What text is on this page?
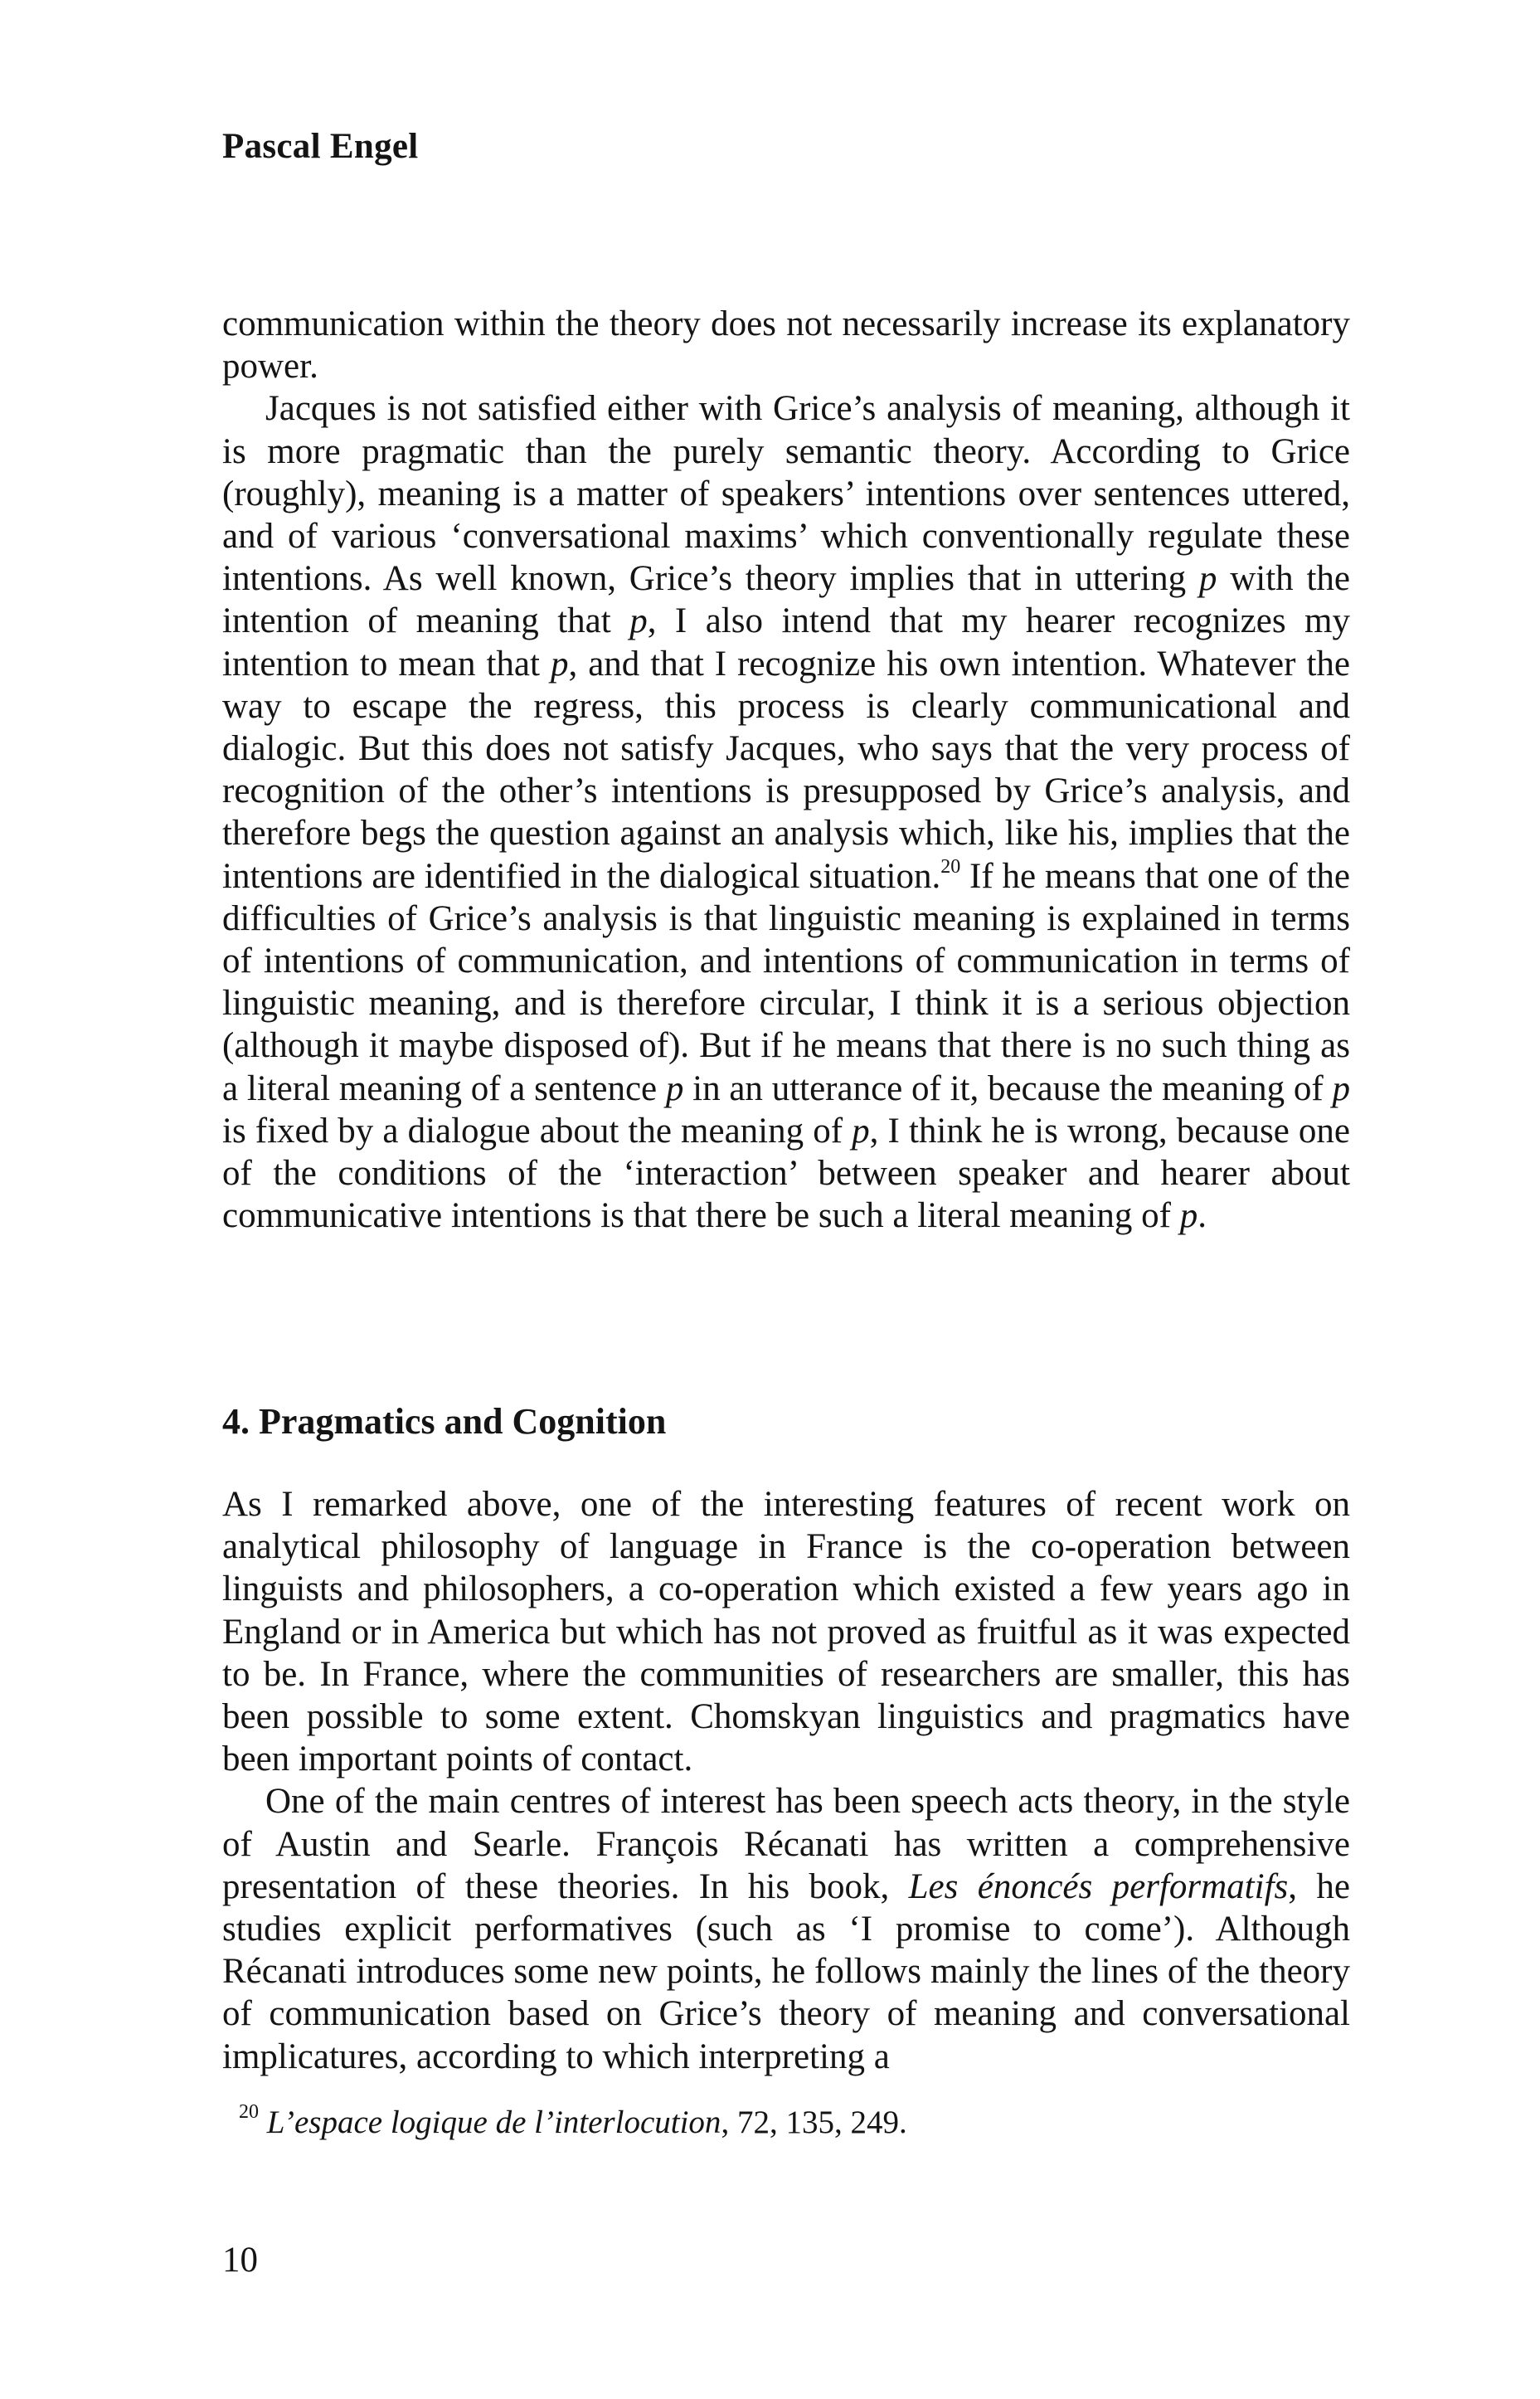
Pascal Engel

communication within the theory does not necessarily increase its explanatory power.

Jacques is not satisfied either with Grice’s analysis of meaning, although it is more pragmatic than the purely semantic theory. According to Grice (roughly), meaning is a matter of speakers’ intentions over sentences uttered, and of various ‘conversational maxims’ which conventionally regulate these intentions. As well known, Grice’s theory implies that in uttering p with the intention of meaning that p, I also intend that my hearer recognizes my intention to mean that p, and that I recognize his own intention. Whatever the way to escape the regress, this process is clearly communicational and dialogic. But this does not satisfy Jacques, who says that the very process of recognition of the other’s intentions is presupposed by Grice’s analysis, and therefore begs the question against an analysis which, like his, implies that the intentions are identified in the dialogical situation.$^{20}$ If he means that one of the difficulties of Grice’s analysis is that linguistic meaning is explained in terms of intentions of communication, and intentions of communication in terms of linguistic meaning, and is therefore circular, I think it is a serious objection (although it maybe disposed of). But if he means that there is no such thing as a literal meaning of a sentence p in an utterance of it, because the meaning of p is fixed by a dialogue about the meaning of p, I think he is wrong, because one of the conditions of the ‘interaction’ between speaker and hearer about communicative intentions is that there be such a literal meaning of p.

4. Pragmatics and Cognition

As I remarked above, one of the interesting features of recent work on analytical philosophy of language in France is the co-operation between linguists and philosophers, a co-operation which existed a few years ago in England or in America but which has not proved as fruitful as it was expected to be. In France, where the communities of researchers are smaller, this has been possible to some extent. Chomskyan linguistics and pragmatics have been important points of contact.

One of the main centres of interest has been speech acts theory, in the style of Austin and Searle. François Récanati has written a comprehensive presentation of these theories. In his book, Les énoncés performatifs, he studies explicit performatives (such as ‘I promise to come’). Although Récanati introduces some new points, he follows mainly the lines of the theory of communication based on Grice’s theory of meaning and conversational implicatures, according to which interpreting a

$^{20}$ L’espace logique de l’interlocution, 72, 135, 249.
10
